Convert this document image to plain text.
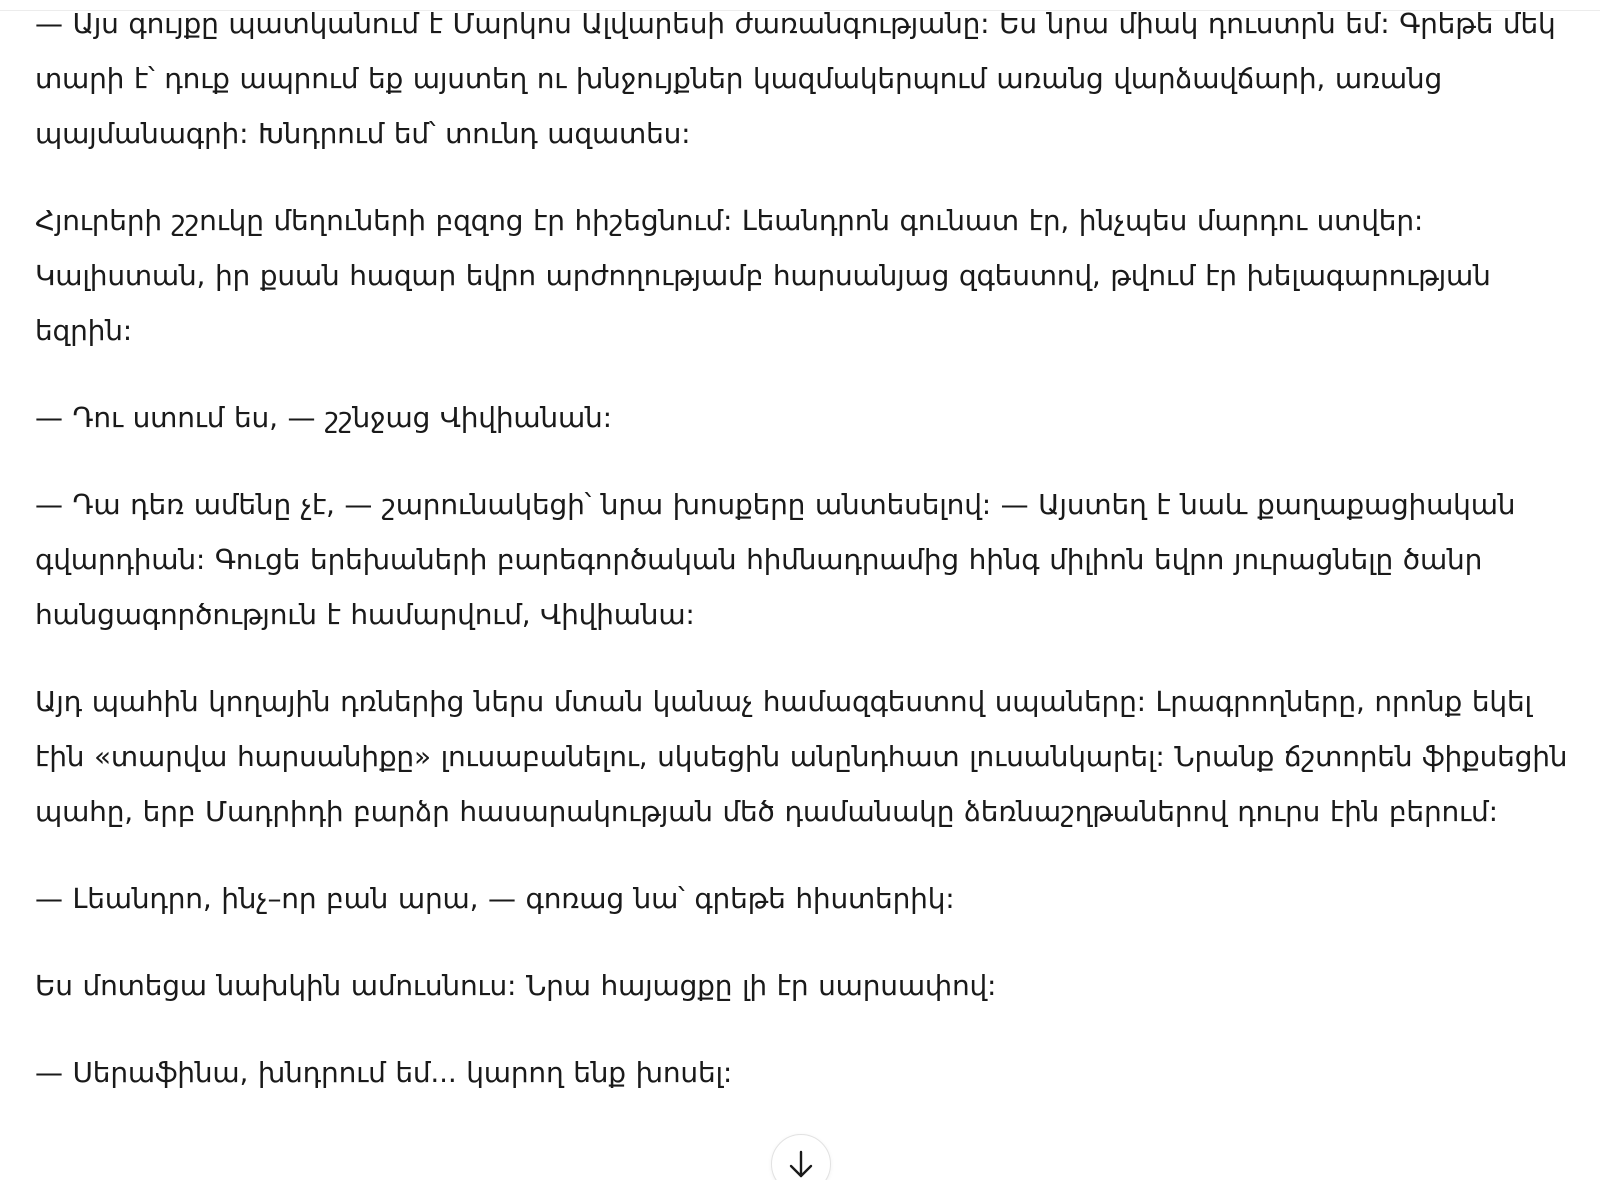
— Այս գույքը պատկանում է Մարկոս Ալվարեսի ժառանգությանը: Ես նրա միակ դուստրն եմ: Գրեթե մեկ տարի է՝ դուք ապրում եք այստեղ ու խնջույքներ կազմակերպում առանց վարձավճարի, առանց պայմանագրի: Խնդրում եմ՝ տունդ ազատես:

Հյուրերի շշուկը մեղուների բզզոց էր հիշեցնում: Լեանդրոն գունատ էր, ինչպես մարդու ստվեր: Կալիստան, իր քսան հազար եվրո արժողությամբ հարսանյաց զգեստով, թվում էր խելագարության եզրին:

— Դու ստում ես, — շշնջաց Վիվիանան:

— Դա դեռ ամենը չէ, — շարունակեցի՝ նրա խոսքերը անտեսելով: — Այստեղ է նաև քաղաքացիական գվարդիան: Գուցե երեխաների բարեգործական հիմնադրամից հինգ միլիոն եվրո յուրացնելը ծանր հանցագործություն է համարվում, Վիվիանա:

Այդ պահին կողային դռներից ներս մտան կանաչ համազգեստով սպաները: Լրագրողները, որոնք եկել էին «տարվա հարսանիքը» լուսաբանելու, սկսեցին անընդհատ լուսանկարել: Նրանք ճշտորեն ֆիքսեցին պահը, երբ Մադրիդի բարձր հասարակության մեծ դամանակը ձեռնաշղթաներով դուրս էին բերում:

— Լեանդրո, ինչ–որ բան արա, — գոռաց նա՝ գրեթե հիստերիկ:

Ես մոտեցա նախկին ամուսնուս: Նրա հայացքը լի էր սարսափով:

— Սերաֆինա, խնդրում եմ... կարող ենք խոսել:
